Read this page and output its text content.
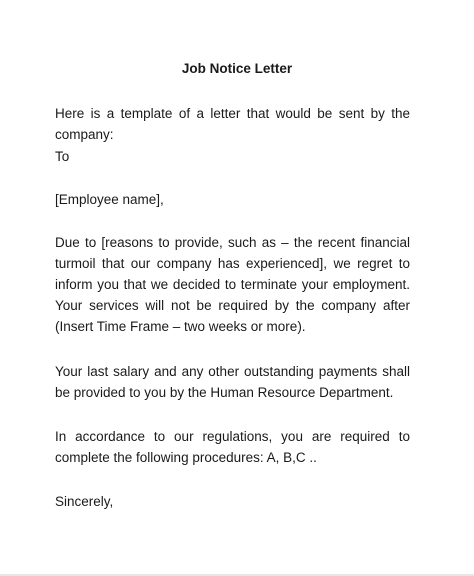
Job Notice Letter

Here is a template of a letter that would be sent by the company:

To

[Employee name],

Due to [reasons to provide, such as – the recent financial turmoil that our company has experienced], we regret to inform you that we decided to terminate your employment. Your services will not be required by the company after (Insert Time Frame – two weeks or more).

Your last salary and any other outstanding payments shall be provided to you by the Human Resource Department.

In accordance to our regulations, you are required to complete the following procedures: A, B,C ..

Sincerely,
